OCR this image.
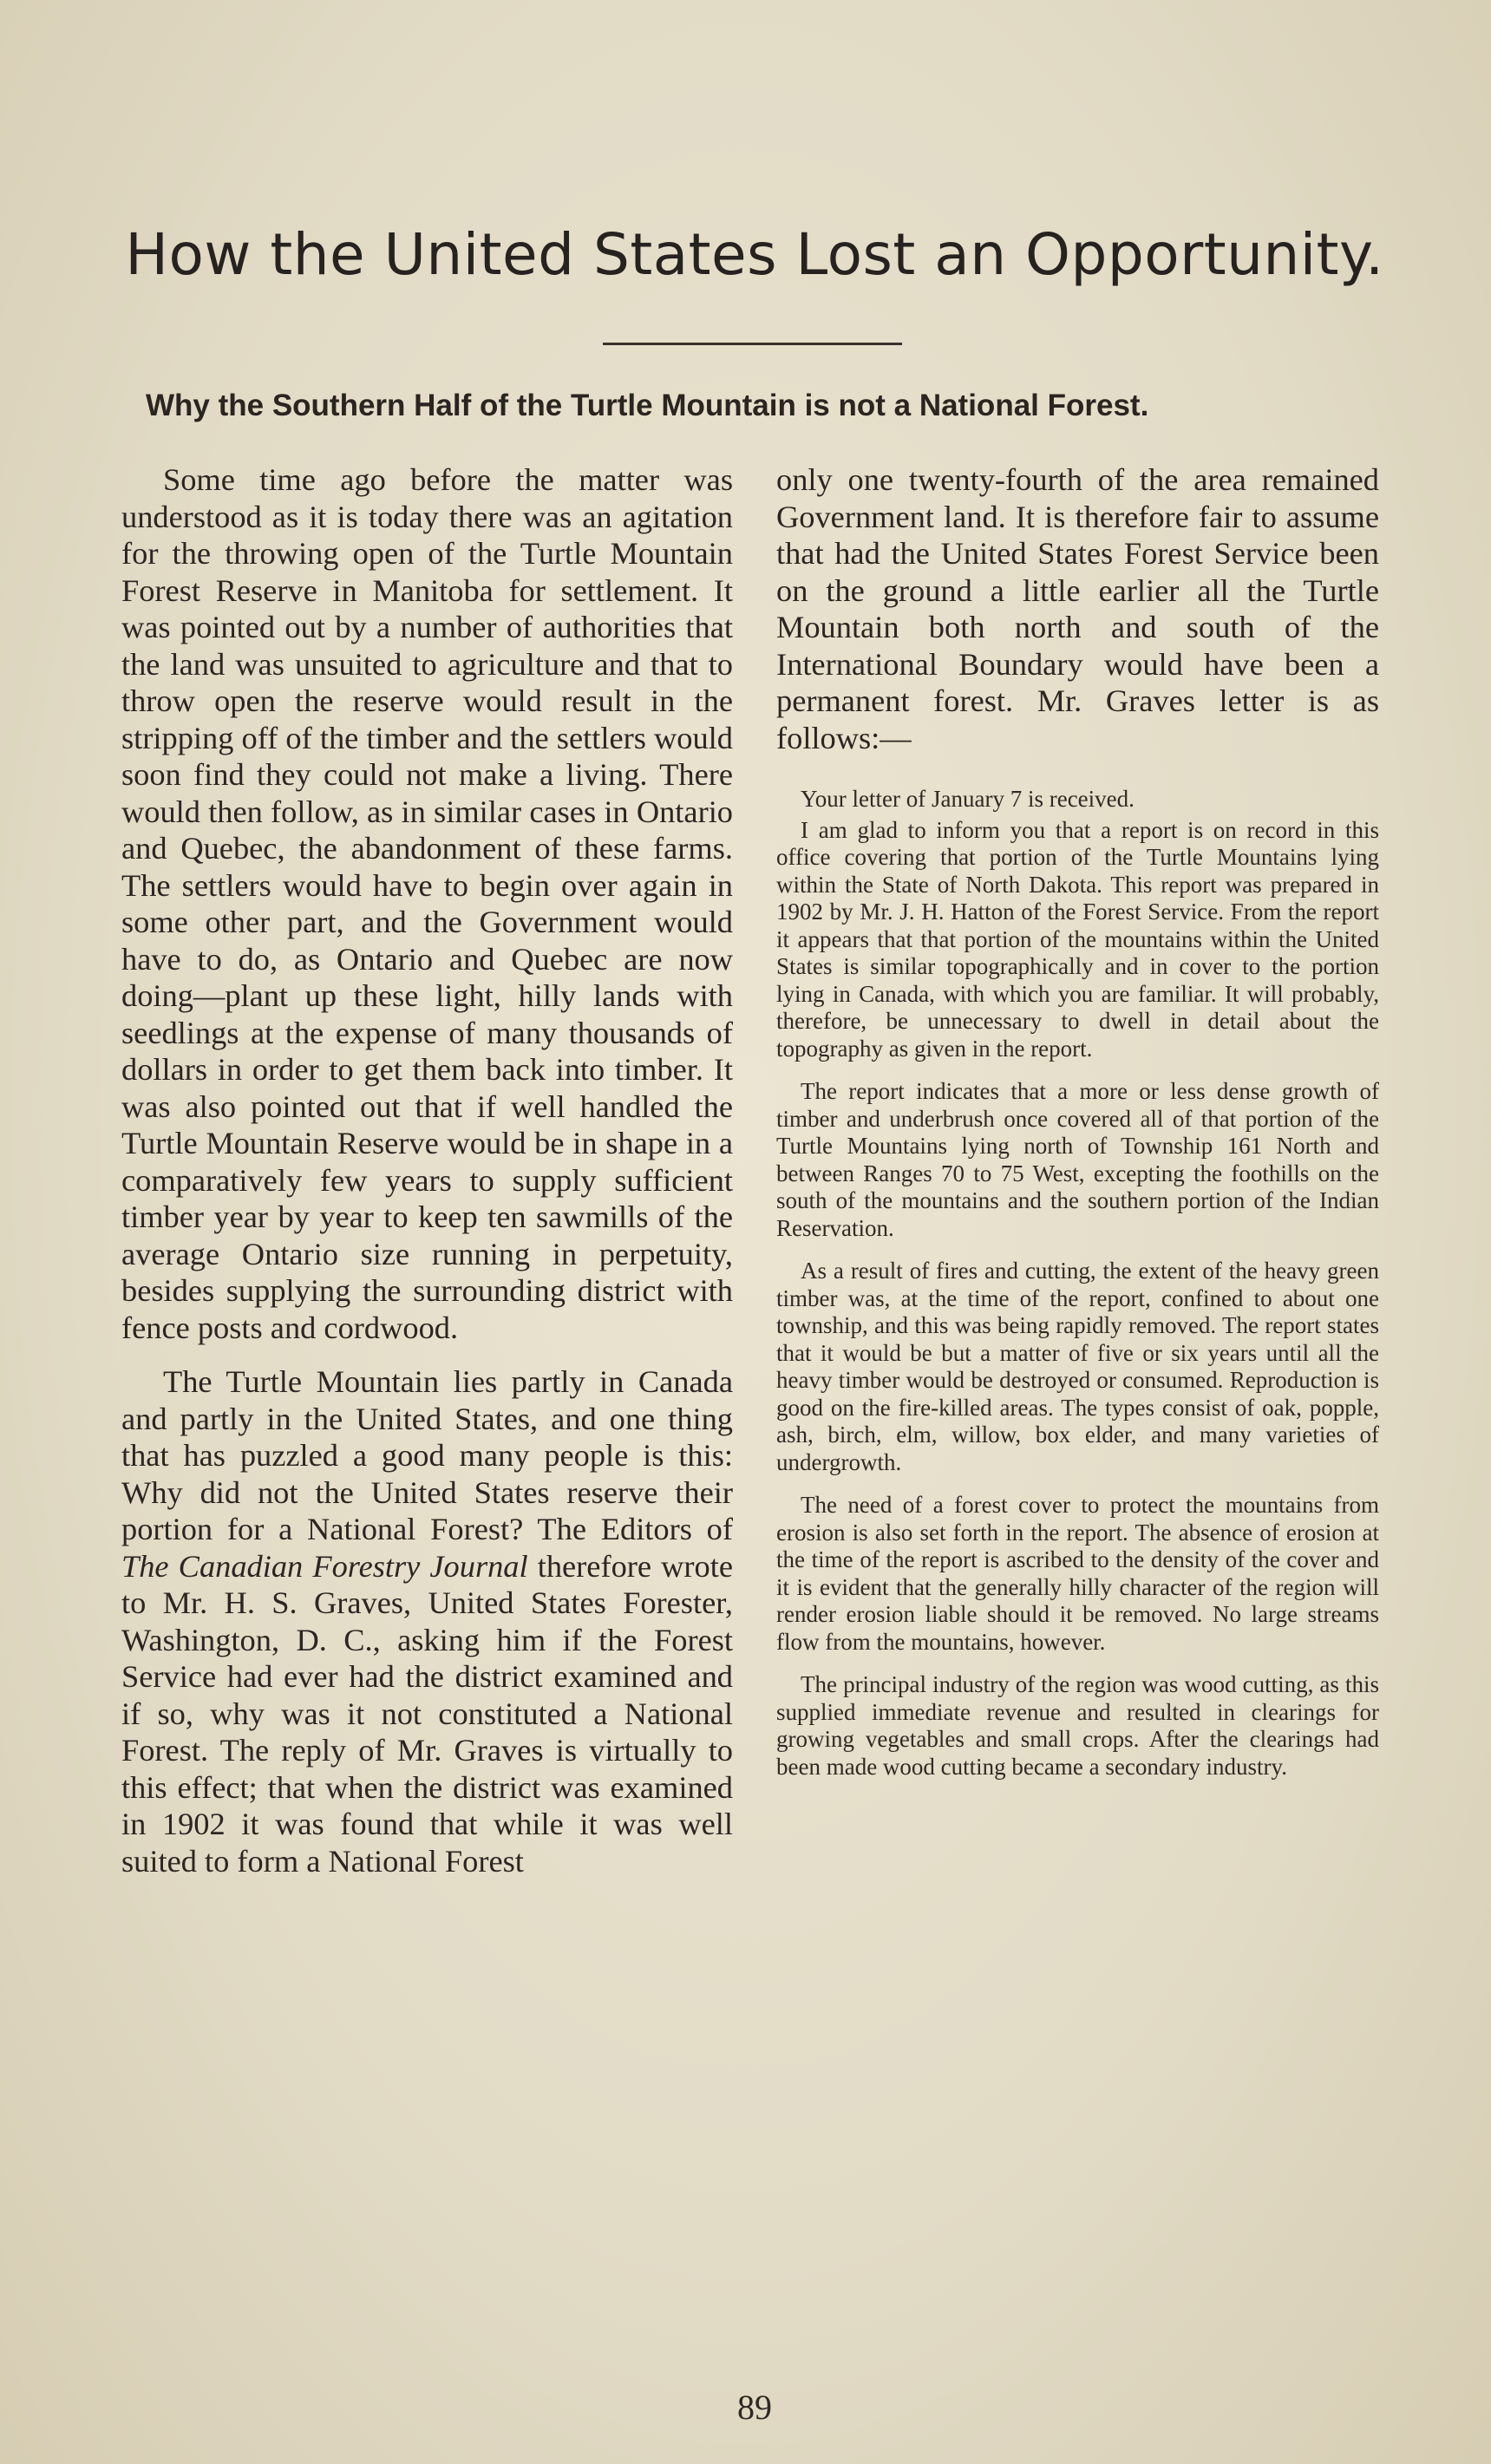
How the United States Lost an Opportunity.
Why the Southern Half of the Turtle Mountain is not a National Forest.

Some time ago before the matter was understood as it is today there was an agitation for the throwing open of the Turtle Mountain Forest Reserve in Manitoba for settlement. It was pointed out by a number of authorities that the land was unsuited to agriculture and that to throw open the reserve would result in the stripping off of the timber and the settlers would soon find they could not make a living. There would then follow, as in similar cases in Ontario and Quebec, the abandonment of these farms. The settlers would have to begin over again in some other part, and the Government would have to do, as Ontario and Quebec are now doing—plant up these light, hilly lands with seedlings at the expense of many thousands of dollars in order to get them back into timber. It was also pointed out that if well handled the Turtle Mountain Reserve would be in shape in a comparatively few years to supply sufficient timber year by year to keep ten sawmills of the average Ontario size running in perpetuity, besides supplying the surrounding district with fence posts and cordwood.

The Turtle Mountain lies partly in Canada and partly in the United States, and one thing that has puzzled a good many people is this: Why did not the United States reserve their portion for a National Forest? The Editors of The Canadian Forestry Journal therefore wrote to Mr. H. S. Graves, United States Forester, Washington, D. C., asking him if the Forest Service had ever had the district examined and if so, why was it not constituted a National Forest. The reply of Mr. Graves is virtually to this effect; that when the district was examined in 1902 it was found that while it was well suited to form a National Forest

only one twenty-fourth of the area remained Government land. It is therefore fair to assume that had the United States Forest Service been on the ground a little earlier all the Turtle Mountain both north and south of the International Boundary would have been a permanent forest. Mr. Graves letter is as follows:—

Your letter of January 7 is received.

I am glad to inform you that a report is on record in this office covering that portion of the Turtle Mountains lying within the State of North Dakota. This report was prepared in 1902 by Mr. J. H. Hatton of the Forest Service. From the report it appears that that portion of the mountains within the United States is similar topographically and in cover to the portion lying in Canada, with which you are familiar. It will probably, therefore, be unnecessary to dwell in detail about the topography as given in the report.

The report indicates that a more or less dense growth of timber and underbrush once covered all of that portion of the Turtle Mountains lying north of Township 161 North and between Ranges 70 to 75 West, excepting the foothills on the south of the mountains and the southern portion of the Indian Reservation.

As a result of fires and cutting, the extent of the heavy green timber was, at the time of the report, confined to about one township, and this was being rapidly removed. The report states that it would be but a matter of five or six years until all the heavy timber would be destroyed or consumed. Reproduction is good on the fire-killed areas. The types consist of oak, popple, ash, birch, elm, willow, box elder, and many varieties of undergrowth.

The need of a forest cover to protect the mountains from erosion is also set forth in the report. The absence of erosion at the time of the report is ascribed to the density of the cover and it is evident that the generally hilly character of the region will render erosion liable should it be removed. No large streams flow from the mountains, however.

The principal industry of the region was wood cutting, as this supplied immediate revenue and resulted in clearings for growing vegetables and small crops. After the clearings had been made wood cutting became a secondary industry.

89
